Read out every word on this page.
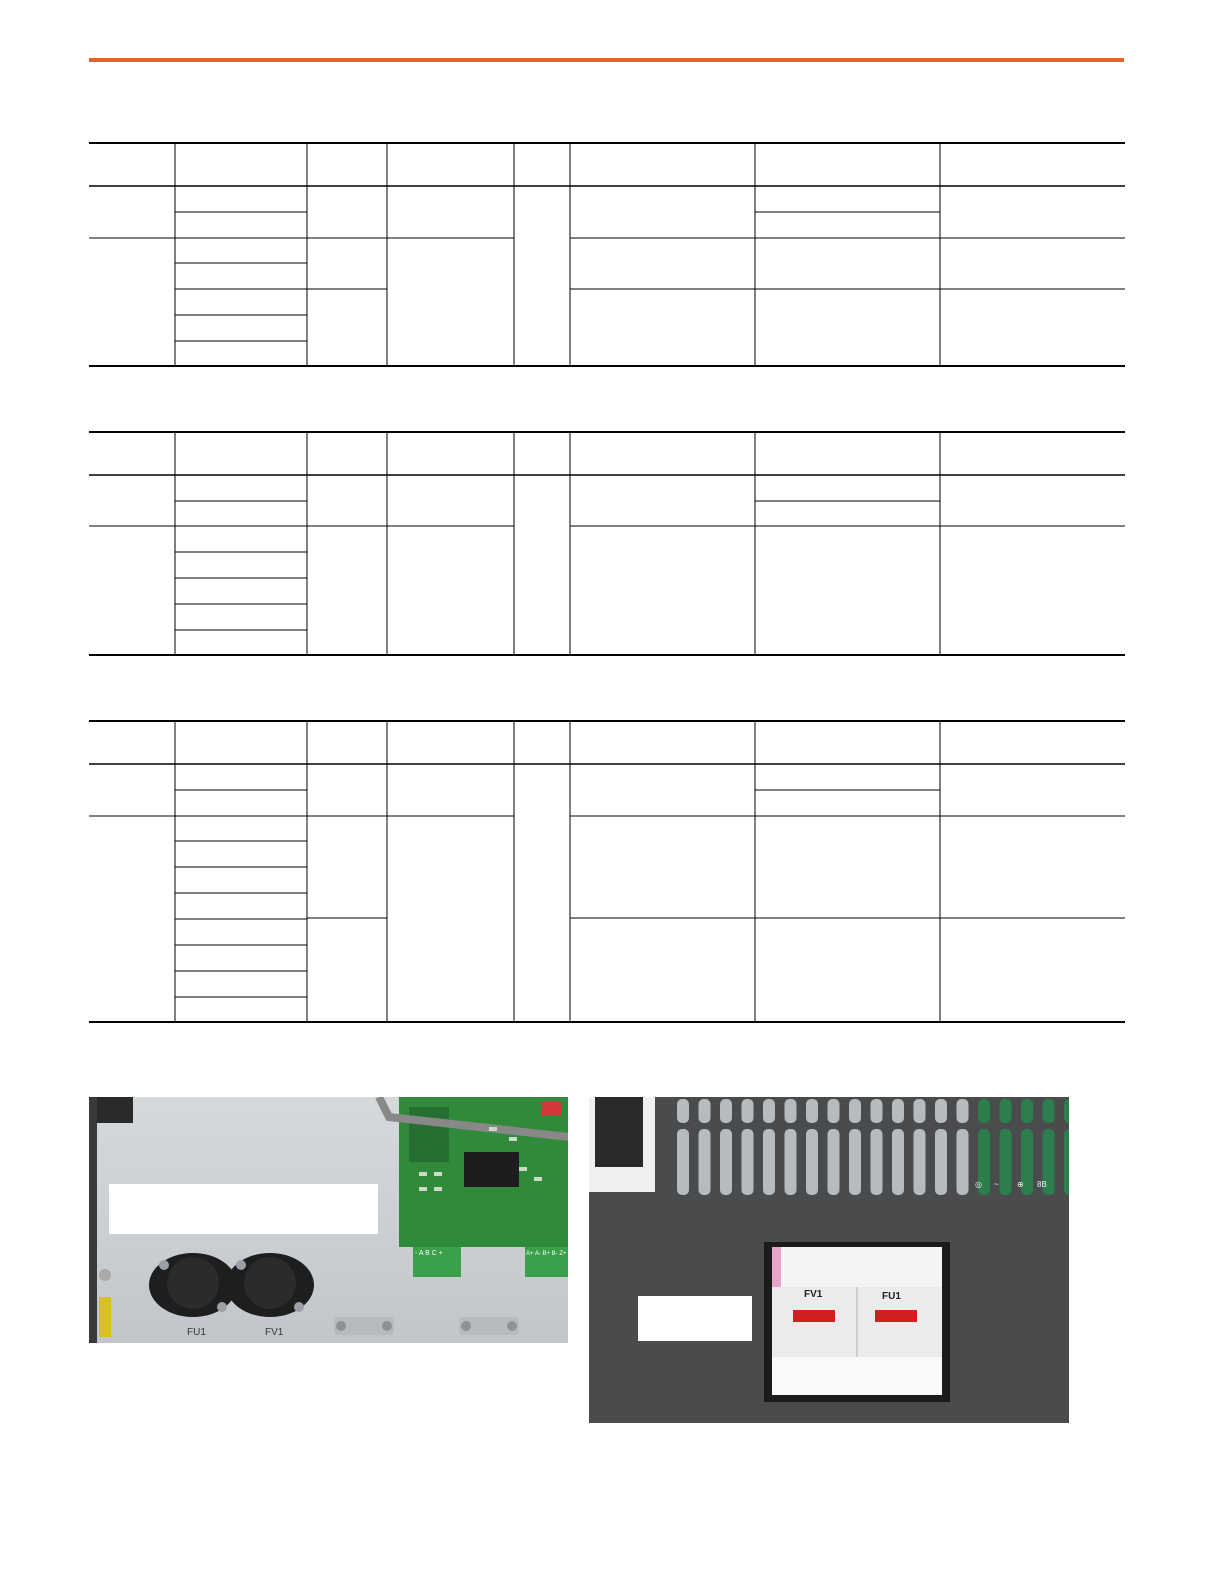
- A B C +	A+ A- B+ B- Z+
FU1	FV1
FV1	FU1
◎ ~ ⊕ 8B
